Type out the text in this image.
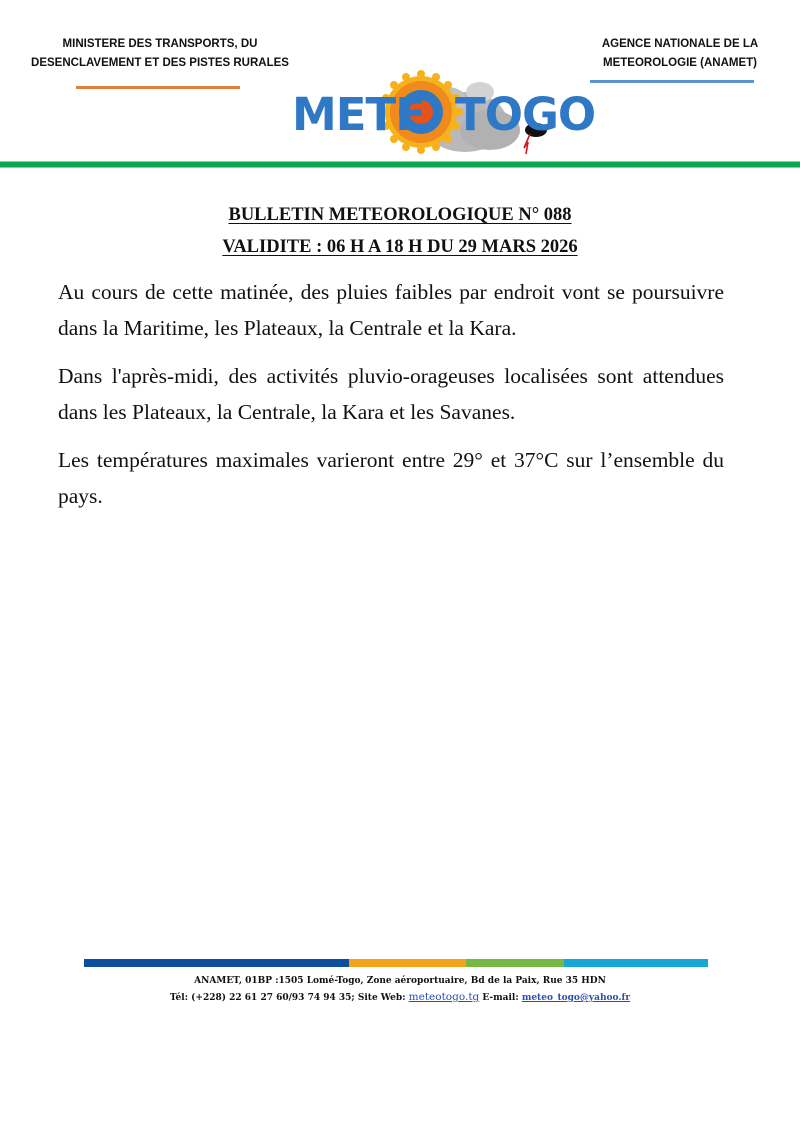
MINISTERE DES TRANSPORTS, DU
DESENCLAVEMENT ET DES PISTES RURALES
AGENCE NATIONALE DE LA
METEOROLOGIE (ANAMET)
METE TOGO
BULLETIN METEOROLOGIQUE N° 088
VALIDITE : 06 H A 18 H DU 29 MARS 2026

Au cours de cette matinée, des pluies faibles par endroit vont se poursuivre dans la Maritime, les Plateaux, la Centrale et la Kara.

Dans l'après-midi, des activités pluvio-orageuses localisées sont attendues dans les Plateaux, la Centrale, la Kara et les Savanes.

Les températures maximales varieront entre 29° et 37°C sur l’ensemble du pays.

ANAMET, 01BP :1505 Lomé-Togo, Zone aéroportuaire, Bd de la Paix, Rue 35 HDN
Tél: (+228) 22 61 27 60/93 74 94 35; Site Web: meteotogo.tg E-mail: meteo_togo@yahoo.fr
